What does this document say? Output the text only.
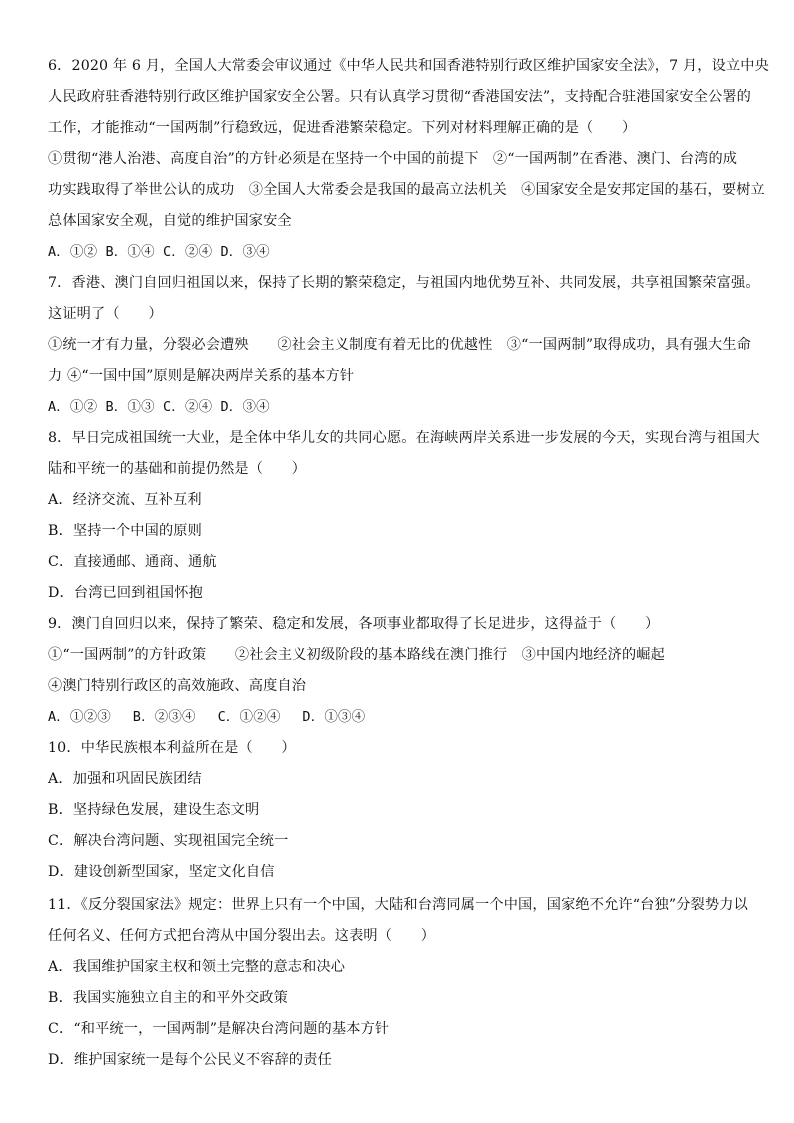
6．2020 年 6 月，全国人大常委会审议通过《中华人民共和国香港特别行政区维护国家安全法》，7 月，设立中央
人民政府驻香港特别行政区维护国家安全公署。只有认真学习贯彻“香港国安法”，支持配合驻港国家安全公署的
工作，才能推动“一国两制”行稳致远，促进香港繁荣稳定。下列对材料理解正确的是（　　）
①贯彻“港人治港、高度自治”的方针必须是在坚持一个中国的前提下　②“一国两制”在香港、澳门、台湾的成
功实践取得了举世公认的成功　③全国人大常委会是我国的最高立法机关　④国家安全是安邦定国的基石，要树立
总体国家安全观，自觉的维护国家安全
A．①② B．①④ C．②④ D．③④
7．香港、澳门自回归祖国以来，保持了长期的繁荣稳定，与祖国内地优势互补、共同发展，共享祖国繁荣富强。
这证明了（　　）
①统一才有力量，分裂必会遭殃　　②社会主义制度有着无比的优越性　③“一国两制”取得成功，具有强大生命
力 ④“一国中国”原则是解决两岸关系的基本方针
A．①② B．①③ C．②④ D．③④
8．早日完成祖国统一大业，是全体中华儿女的共同心愿。在海峡两岸关系进一步发展的今天，实现台湾与祖国大
陆和平统一的基础和前提仍然是（　　）
A．经济交流、互补互利
B．坚持一个中国的原则
C．直接通邮、通商、通航
D．台湾已回到祖国怀抱
9．澳门自回归以来，保持了繁荣、稳定和发展，各项事业都取得了长足进步，这得益于（　　）
①“一国两制”的方针政策　　②社会主义初级阶段的基本路线在澳门推行　③中国内地经济的崛起
④澳门特别行政区的高效施政、高度自治
A．①②③　 B．②③④　 C．①②④　 D．①③④
10．中华民族根本利益所在是（　　）
A．加强和巩固民族团结
B．坚持绿色发展，建设生态文明
C．解决台湾问题、实现祖国完全统一
D．建设创新型国家，坚定文化自信
11．《反分裂国家法》规定：世界上只有一个中国，大陆和台湾同属一个中国，国家绝不允许“台独”分裂势力以
任何名义、任何方式把台湾从中国分裂出去。这表明（　　）
A．我国维护国家主权和领土完整的意志和决心
B．我国实施独立自主的和平外交政策
C．“和平统一，一国两制”是解决台湾问题的基本方针
D．维护国家统一是每个公民义不容辞的责任
